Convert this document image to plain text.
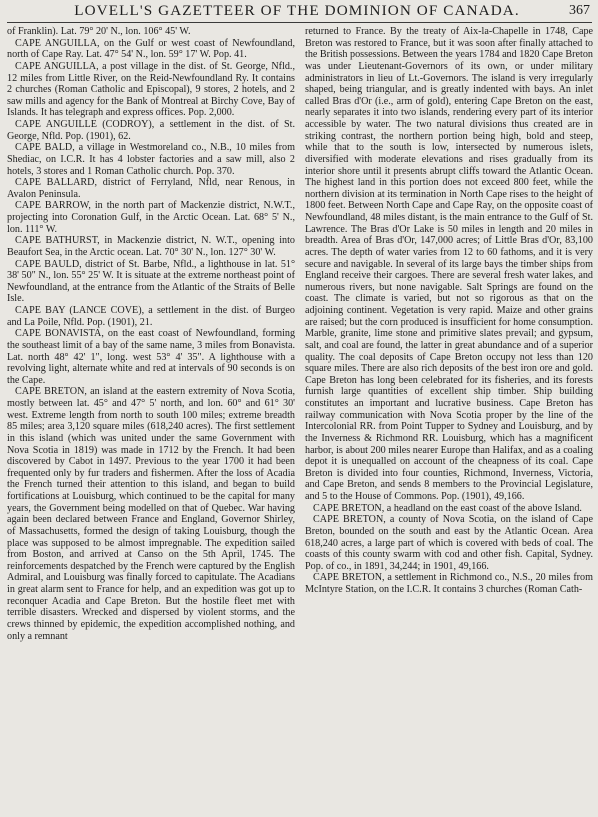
LOVELL'S GAZETTEER OF THE DOMINION OF CANADA.	367

of Franklin). Lat. 79° 20' N., lon. 106° 45' W.

CAPE ANGUILLA, on the Gulf or west coast of Newfoundland, north of Cape Ray. Lat. 47° 54' N., lon. 59° 17' W. Pop. 41.

CAPE ANGUILLA, a post village in the dist. of St. George, Nfld., 12 miles from Little River, on the Reid-Newfoundland Ry. It contains 2 churches (Roman Catholic and Episcopal), 9 stores, 2 hotels, and 2 saw mills and agency for the Bank of Montreal at Birchy Cove, Bay of Islands. It has telegraph and express offices. Pop. 2,000.

CAPE ANGUILLE (CODROY), a settlement in the dist. of St. George, Nfld. Pop. (1901), 62.

CAPE BALD, a village in Westmoreland co., N.B., 10 miles from Shediac, on I.C.R. It has 4 lobster factories and a saw mill, also 2 hotels, 3 stores and 1 Roman Catholic church. Pop. 370.

CAPE BALLARD, district of Ferryland, Nfld, near Renous, in Avalon Peninsula.

CAPE BARROW, in the north part of Mackenzie district, N.W.T., projecting into Coronation Gulf, in the Arctic Ocean. Lat. 68° 5' N., lon. 111° W.

CAPE BATHURST, in Mackenzie district, N. W.T., opening into Beaufort Sea, in the Arctic ocean. Lat. 70° 30' N., lon. 127° 30' W.

CAPE BAULD, district of St. Barbe, Nfld., a lighthouse in lat. 51° 38' 50" N., lon. 55° 25' W. It is situate at the extreme northeast point of Newfoundland, at the entrance from the Atlantic of the Straits of Belle Isle.

CAPE BAY (LANCE COVE), a settlement in the dist. of Burgeo and La Poile, Nfld. Pop. (1901), 21.

CAPE BONAVISTA, on the east coast of Newfoundland, forming the southeast limit of a bay of the same name, 3 miles from Bonavista. Lat. north 48° 42' 1", long. west 53° 4' 35". A lighthouse with a revolving light, alternate white and red at intervals of 90 seconds is on the Cape.

CAPE BRETON, an island at the eastern extremity of Nova Scotia, mostly between lat. 45° and 47° 5' north, and lon. 60° and 61° 30' west. Extreme length from north to south 100 miles; extreme breadth 85 miles; area 3,120 square miles (618,240 acres). The first settlement in this island (which was united under the same Government with Nova Scotia in 1819) was made in 1712 by the French. It had been discovered by Cabot in 1497. Previous to the year 1700 it had been frequented only by fur traders and fishermen. After the loss of Acadia the French turned their attention to this island, and began to build fortifications at Louisburg, which continued to be the capital for many years, the Government being modelled on that of Quebec. War having again been declared between France and England, Governor Shirley, of Massachusetts, formed the design of taking Louisburg, though the place was supposed to be almost impregnable. The expedition sailed from Boston, and arrived at Canso on the 5th April, 1745. The reinforcements despatched by the French were captured by the English Admiral, and Louisburg was finally forced to capitulate. The Acadians in great alarm sent to France for help, and an expedition was got up to reconquer Acadia and Cape Breton. But the hostile fleet met with terrible disasters. Wrecked and dispersed by violent storms, and the crews thinned by epidemic, the expedition accomplished nothing, and only a remnant

returned to France. By the treaty of Aix-la-Chapelle in 1748, Cape Breton was restored to France, but it was soon after finally attached to the British possessions. Between the years 1784 and 1820 Cape Breton was under Lieutenant-Governors of its own, or under military administrators in lieu of Lt.-Governors. The island is very irregularly shaped, being triangular, and is greatly indented with bays. An inlet called Bras d'Or (i.e., arm of gold), entering Cape Breton on the east, nearly separates it into two islands, rendering every part of its interior accessible by water. The two natural divisions thus created are in striking contrast, the northern portion being high, bold and steep, while that to the south is low, intersected by numerous islets, diversified with moderate elevations and rises gradually from its interior shore until it presents abrupt cliffs toward the Atlantic Ocean. The highest land in this portion does not exceed 800 feet, while the northern division at its termination in North Cape rises to the height of 1800 feet. Between North Cape and Cape Ray, on the opposite coast of Newfoundland, 48 miles distant, is the main entrance to the Gulf of St. Lawrence. The Bras d'Or Lake is 50 miles in length and 20 miles in breadth. Area of Bras d'Or, 147,000 acres; of Little Bras d'Or, 83,100 acres. The depth of water varies from 12 to 60 fathoms, and it is very secure and navigable. In several of its large bays the timber ships from England receive their cargoes. There are several fresh water lakes, and numerous rivers, but none navigable. Salt Springs are found on the coast. The climate is varied, but not so rigorous as that on the adjoining continent. Vegetation is very rapid. Maize and other grains are raised; but the corn produced is insufficient for home consumption. Marble, granite, lime stone and primitive slates prevail; and gypsum, salt, and coal are found, the latter in great abundance and of a superior quality. The coal deposits of Cape Breton occupy not less than 120 square miles. There are also rich deposits of the best iron ore and gold. Cape Breton has long been celebrated for its fisheries, and its forests furnish large quantities of excellent ship timber. Ship building constitutes an important and lucrative business. Cape Breton has railway communication with Nova Scotia proper by the line of the Intercolonial RR. from Point Tupper to Sydney and Louisburg, and by the Inverness & Richmond RR. Louisburg, which has a magnificent harbor, is about 200 miles nearer Europe than Halifax, and as a coaling depot it is unequalled on account of the cheapness of its coal. Cape Breton is divided into four counties, Richmond, Inverness, Victoria, and Cape Breton, and sends 8 members to the Provincial Legislature, and 5 to the House of Commons. Pop. (1901), 49,166.

CAPE BRETON, a headland on the east coast of the above Island.

CAPE BRETON, a county of Nova Scotia, on the island of Cape Breton, bounded on the south and east by the Atlantic Ocean. Area 618,240 acres, a large part of which is covered with beds of coal. The coasts of this county swarm with cod and other fish. Capital, Sydney. Pop. of co., in 1891, 34,244; in 1901, 49,166.

CAPE BRETON, a settlement in Richmond co., N.S., 20 miles from McIntyre Station, on the I.C.R. It contains 3 churches (Roman Cath-
